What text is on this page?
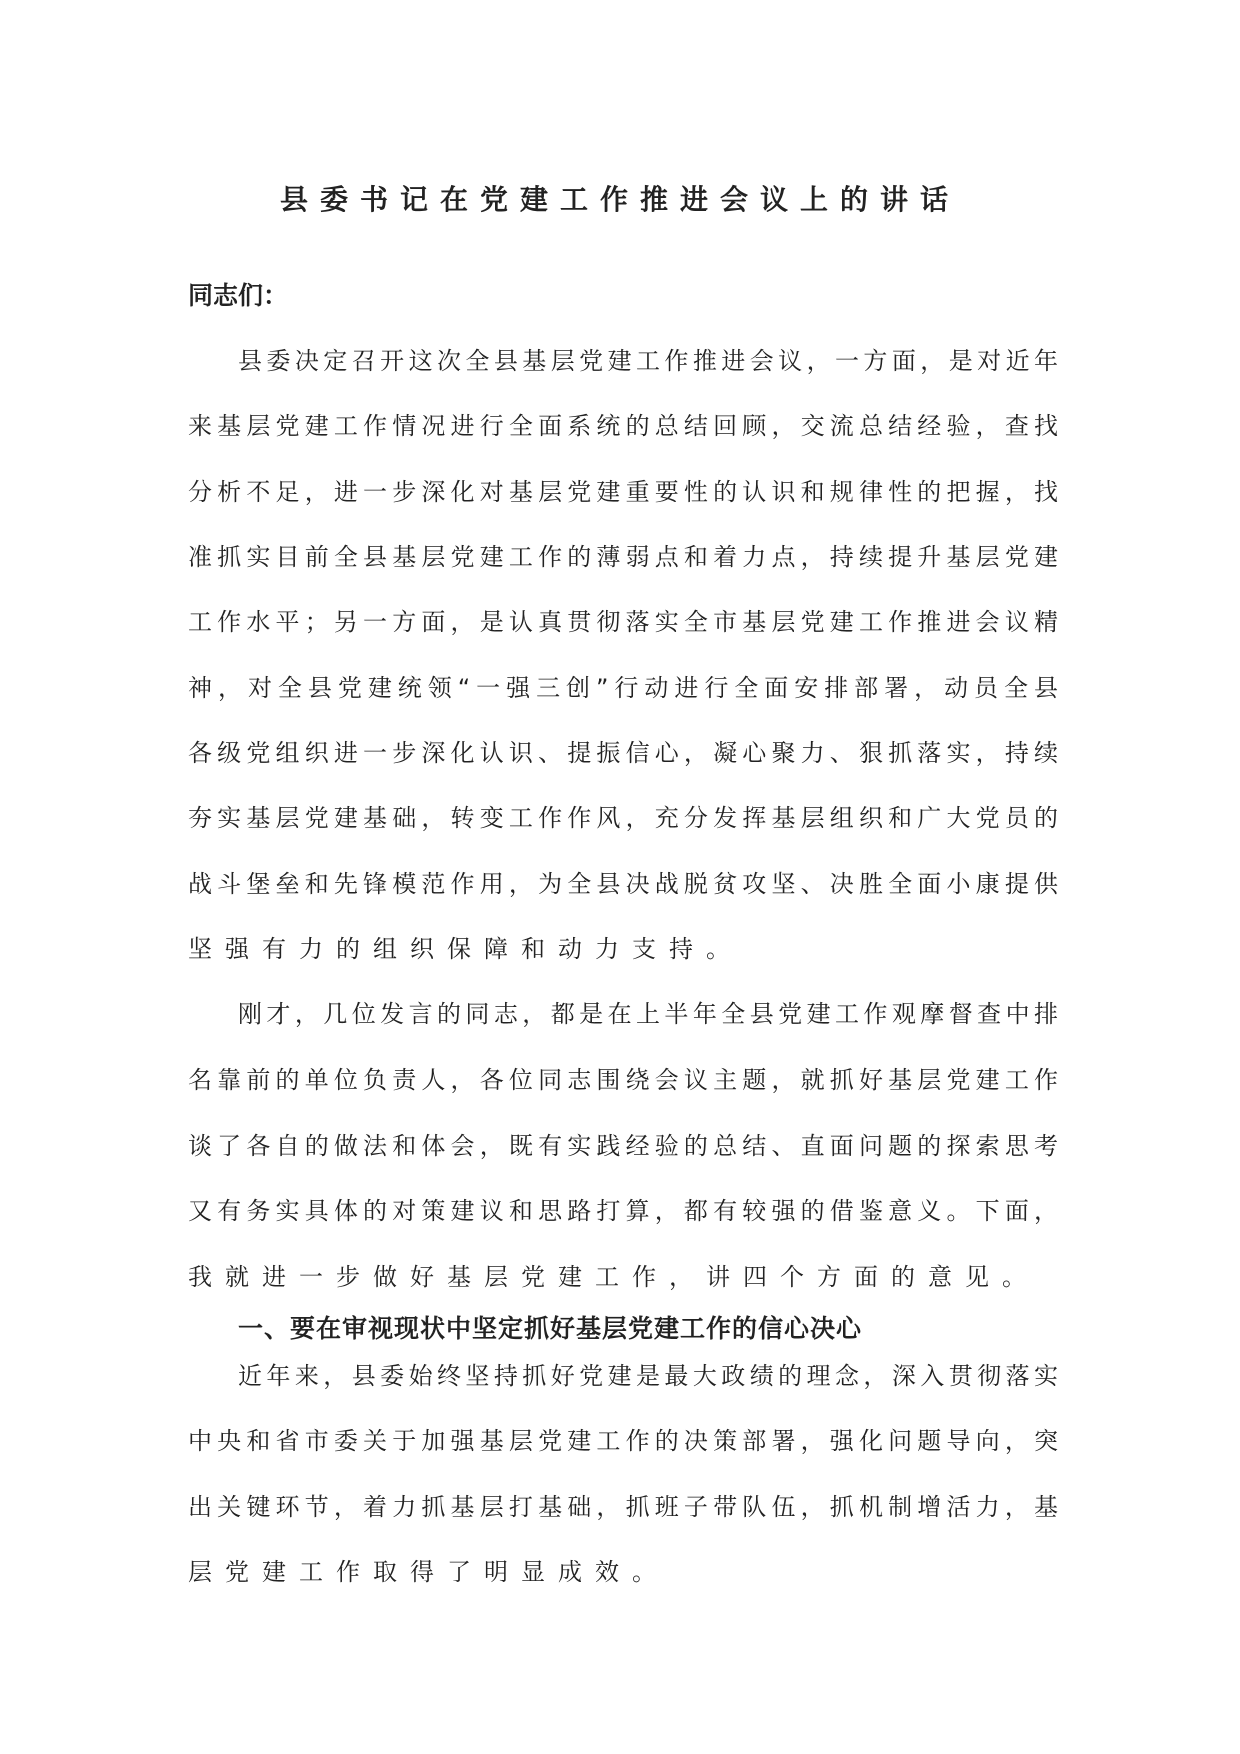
县委书记在党建工作推进会议上的讲话
同志们：
县委决定召开这次全县基层党建工作推进会议，一方面，是对近年
来基层党建工作情况进行全面系统的总结回顾，交流总结经验，查找
分析不足，进一步深化对基层党建重要性的认识和规律性的把握，找
准抓实目前全县基层党建工作的薄弱点和着力点，持续提升基层党建
工作水平；另一方面，是认真贯彻落实全市基层党建工作推进会议精
神，对全县党建统领“一强三创”行动进行全面安排部署，动员全县
各级党组织进一步深化认识、提振信心，凝心聚力、狠抓落实，持续
夯实基层党建基础，转变工作作风，充分发挥基层组织和广大党员的
战斗堡垒和先锋模范作用，为全县决战脱贫攻坚、决胜全面小康提供
坚强有力的组织保障和动力支持。
刚才，几位发言的同志，都是在上半年全县党建工作观摩督查中排
名靠前的单位负责人，各位同志围绕会议主题，就抓好基层党建工作
谈了各自的做法和体会，既有实践经验的总结、直面问题的探索思考
又有务实具体的对策建议和思路打算，都有较强的借鉴意义。下面，
我就进一步做好基层党建工作，讲四个方面的意见。
一、要在审视现状中坚定抓好基层党建工作的信心决心
近年来，县委始终坚持抓好党建是最大政绩的理念，深入贯彻落实
中央和省市委关于加强基层党建工作的决策部署，强化问题导向，突
出关键环节，着力抓基层打基础，抓班子带队伍，抓机制增活力，基
层党建工作取得了明显成效。
